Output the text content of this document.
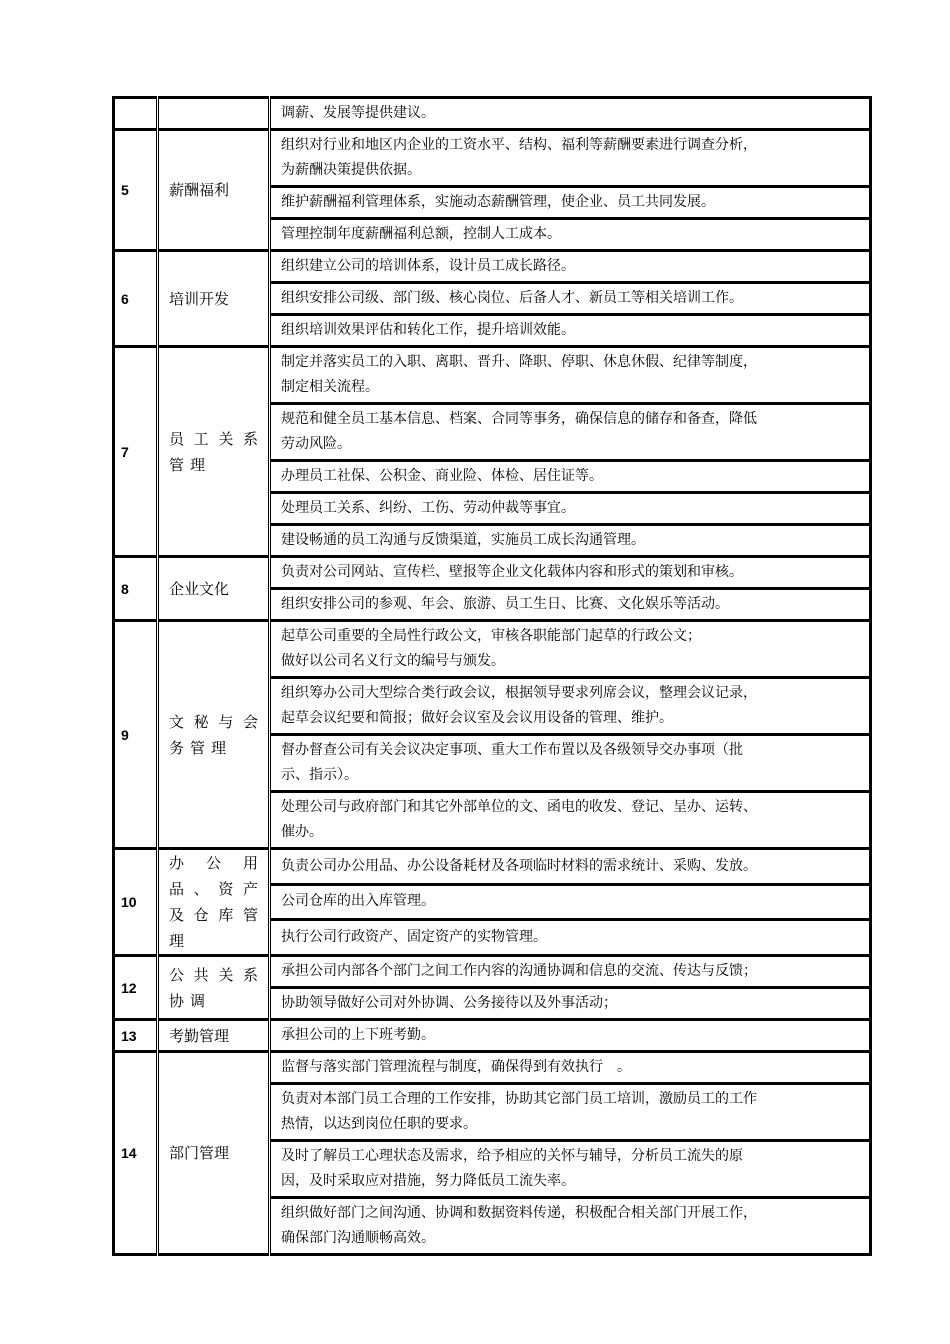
		调薪、发展等提供建议。

5	薪酬福利	组织对行业和地区内企业的工资水平、结构、福利等薪酬要素进行调查分析，
为薪酬决策提供依据。

		维护薪酬福利管理体系，实施动态薪酬管理，使企业、员工共同发展。

		管理控制年度薪酬福利总额，控制人工成本。

6	培训开发	组织建立公司的培训体系，设计员工成长路径。

		组织安排公司级、部门级、核心岗位、后备人才、新员工等相关培训工作。

		组织培训效果评估和转化工作，提升培训效能。

7	员工关系管理	制定并落实员工的入职、离职、晋升、降职、停职、休息休假、纪律等制度，
制定相关流程。

		规范和健全员工基本信息、档案、合同等事务，确保信息的储存和备查，降低
劳动风险。

		办理员工社保、公积金、商业险、体检、居住证等。

		处理员工关系、纠纷、工伤、劳动仲裁等事宜。

		建设畅通的员工沟通与反馈渠道，实施员工成长沟通管理。

8	企业文化	负责对公司网站、宣传栏、壁报等企业文化载体内容和形式的策划和审核。

		组织安排公司的参观、年会、旅游、员工生日、比赛、文化娱乐等活动。

9	文秘与会务管理	起草公司重要的全局性行政公文，审核各职能部门起草的行政公文；
做好以公司名义行文的编号与颁发。

		组织筹办公司大型综合类行政会议，根据领导要求列席会议，整理会议记录，
起草会议纪要和简报；做好会议室及会议用设备的管理、维护。

		督办督查公司有关会议决定事项、重大工作布置以及各级领导交办事项（批
示、指示）。

		处理公司与政府部门和其它外部单位的文、函电的收发、登记、呈办、运转、
催办。

10	办公用品、资产及仓库管理	负责公司办公用品、办公设备耗材及各项临时材料的需求统计、采购、发放。

		公司仓库的出入库管理。

		执行公司行政资产、固定资产的实物管理。

12	公共关系协调	承担公司内部各个部门之间工作内容的沟通协调和信息的交流、传达与反馈；

		协助领导做好公司对外协调、公务接待以及外事活动；

13	考勤管理	承担公司的上下班考勤。

14	部门管理	监督与落实部门管理流程与制度，确保得到有效执行　。

		负责对本部门员工合理的工作安排，协助其它部门员工培训，激励员工的工作
热情，以达到岗位任职的要求。

		及时了解员工心理状态及需求，给予相应的关怀与辅导，分析员工流失的原
因，及时采取应对措施，努力降低员工流失率。

		组织做好部门之间沟通、协调和数据资料传递，积极配合相关部门开展工作，
确保部门沟通顺畅高效。
